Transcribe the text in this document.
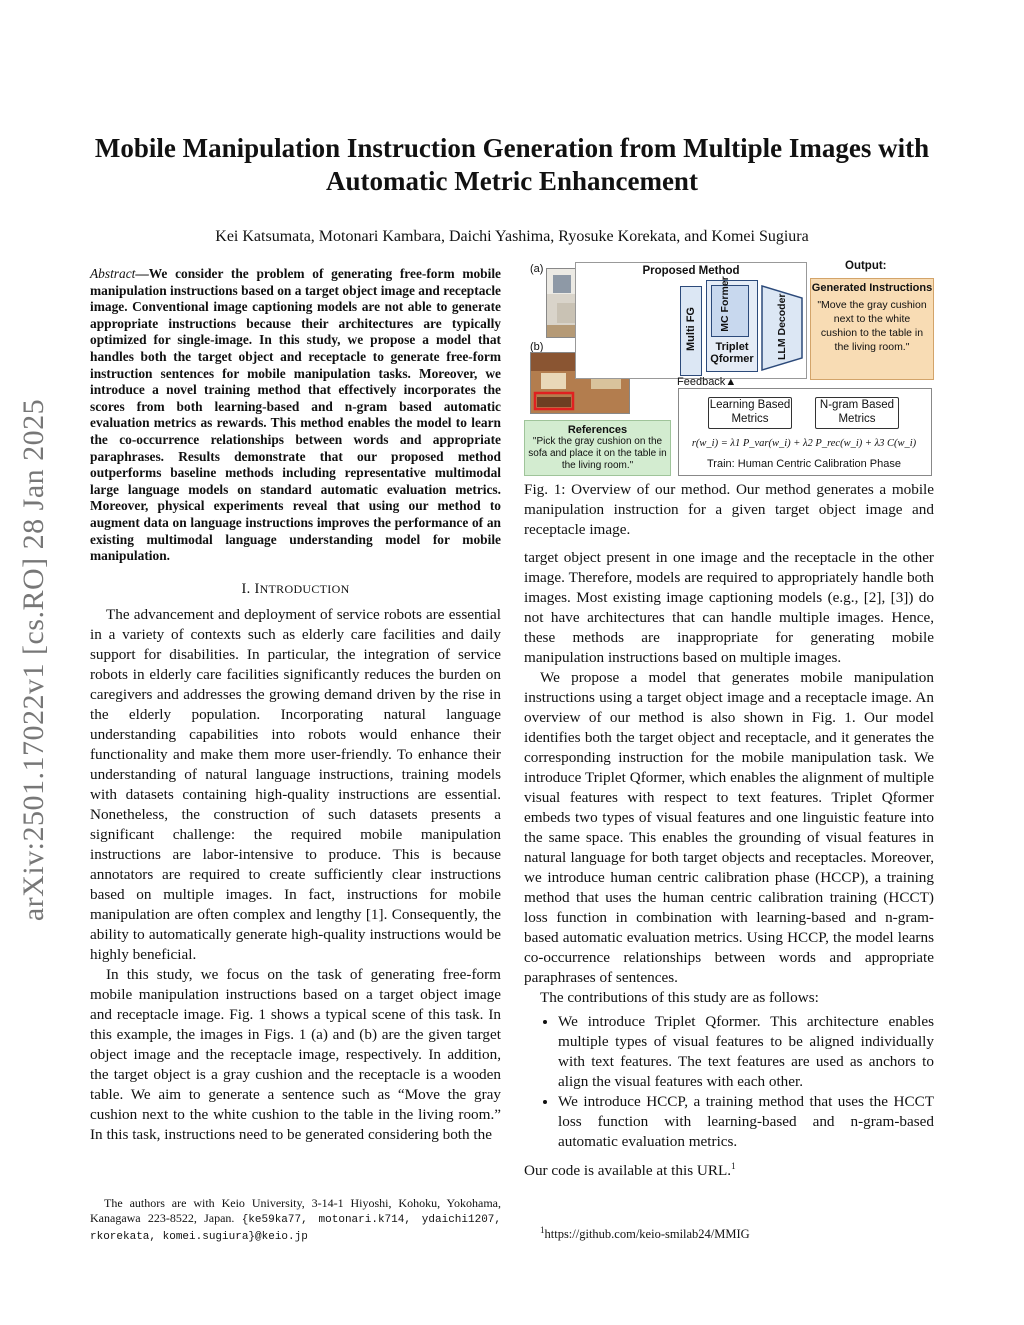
arXiv:2501.17022v1 [cs.RO] 28 Jan 2025
Mobile Manipulation Instruction Generation from Multiple Images with Automatic Metric Enhancement
Kei Katsumata, Motonari Kambara, Daichi Yashima, Ryosuke Korekata, and Komei Sugiura
Abstract—We consider the problem of generating free-form mobile manipulation instructions based on a target object image and receptacle image. Conventional image captioning models are not able to generate appropriate instructions because their architectures are typically optimized for single-image. In this study, we propose a model that handles both the target object and receptacle to generate free-form instruction sentences for mobile manipulation tasks. Moreover, we introduce a novel training method that effectively incorporates the scores from both learning-based and n-gram based automatic evaluation metrics as rewards. This method enables the model to learn the co-occurrence relationships between words and appropriate paraphrases. Results demonstrate that our proposed method outperforms baseline methods including representative multimodal large language models on standard automatic evaluation metrics. Moreover, physical experiments reveal that using our method to augment data on language instructions improves the performance of an existing multimodal language understanding model for mobile manipulation.
I. INTRODUCTION

The advancement and deployment of service robots are essential in a variety of contexts such as elderly care facilities and daily support for disabilities. In particular, the integration of service robots in elderly care facilities significantly reduces the burden on caregivers and addresses the growing demand driven by the rise in the elderly population. Incorporating natural language understanding capabilities into robots would enhance their functionality and make them more user-friendly. To enhance their understanding of natural language instructions, training models with datasets containing high-quality instructions are essential. Nonetheless, the construction of such datasets presents a significant challenge: the required mobile manipulation instructions are labor-intensive to produce. This is because annotators are required to create sufficiently clear instructions based on multiple images. In fact, instructions for mobile manipulation are often complex and lengthy [1]. Consequently, the ability to automatically generate high-quality instructions would be highly beneficial.

In this study, we focus on the task of generating free-form mobile manipulation instructions based on a target object image and receptacle image. Fig. 1 shows a typical scene of this task. In this example, the images in Figs. 1 (a) and (b) are the given target object image and the receptacle image, respectively. In addition, the target object is a gray cushion and the receptacle is a wooden table. We aim to generate a sentence such as “Move the gray cushion next to the white cushion to the table in the living room.” In this task, instructions need to be generated considering both the

The authors are with Keio University, 3-14-1 Hiyoshi, Kohoku, Yokohama, Kanagawa 223-8522, Japan. {ke59ka77, motonari.k714, ydaichi1207, rkorekata, komei.sugiura}@keio.jp
(a)
(b)
Proposed Method
Multi FG	Triplet Qformer
MC Former	LLM Decoder
Output:
Generated Instructions
"Move the gray cushion next to the white cushion to the table in the living room."
Feedback▲
Learning Based Metrics
N-gram Based Metrics
r(w_i) = λ1 P_var(w_i) + λ2 P_rec(w_i) + λ3 C(w_i)
Train: Human Centric Calibration Phase
References
"Pick the gray cushion on the sofa and place it on the table in the living room."
Fig. 1: Overview of our method. Our method generates a mobile manipulation instruction for a given target object image and receptacle image.

target object present in one image and the receptacle in the other image. Therefore, models are required to appropriately handle both images. Most existing image captioning models (e.g., [2], [3]) do not have architectures that can handle multiple images. Hence, these methods are inappropriate for generating mobile manipulation instructions based on multiple images.

We propose a model that generates mobile manipulation instructions using a target object image and a receptacle image. An overview of our method is also shown in Fig. 1. Our model identifies both the target object and receptacle, and it generates the corresponding instruction for the mobile manipulation task. We introduce Triplet Qformer, which enables the alignment of multiple visual features with respect to text features. Triplet Qformer embeds two types of visual features and one linguistic feature into the same space. This enables the grounding of visual features in natural language for both target objects and receptacles. Moreover, we introduce human centric calibration phase (HCCP), a training method that uses the human centric calibration training (HCCT) loss function in combination with learning-based and n-gram-based automatic evaluation metrics. Using HCCP, the model learns co-occurrence relationships between words and appropriate paraphrases of sentences.

The contributions of this study are as follows:

• We introduce Triplet Qformer. This architecture enables multiple types of visual features to be aligned individually with text features. The text features are used as anchors to align the visual features with each other.
• We introduce HCCP, a training method that uses the HCCT loss function with learning-based and n-gram-based automatic evaluation metrics.
Our code is available at this URL.$^1$
$^1$https://github.com/keio-smilab24/MMIG
